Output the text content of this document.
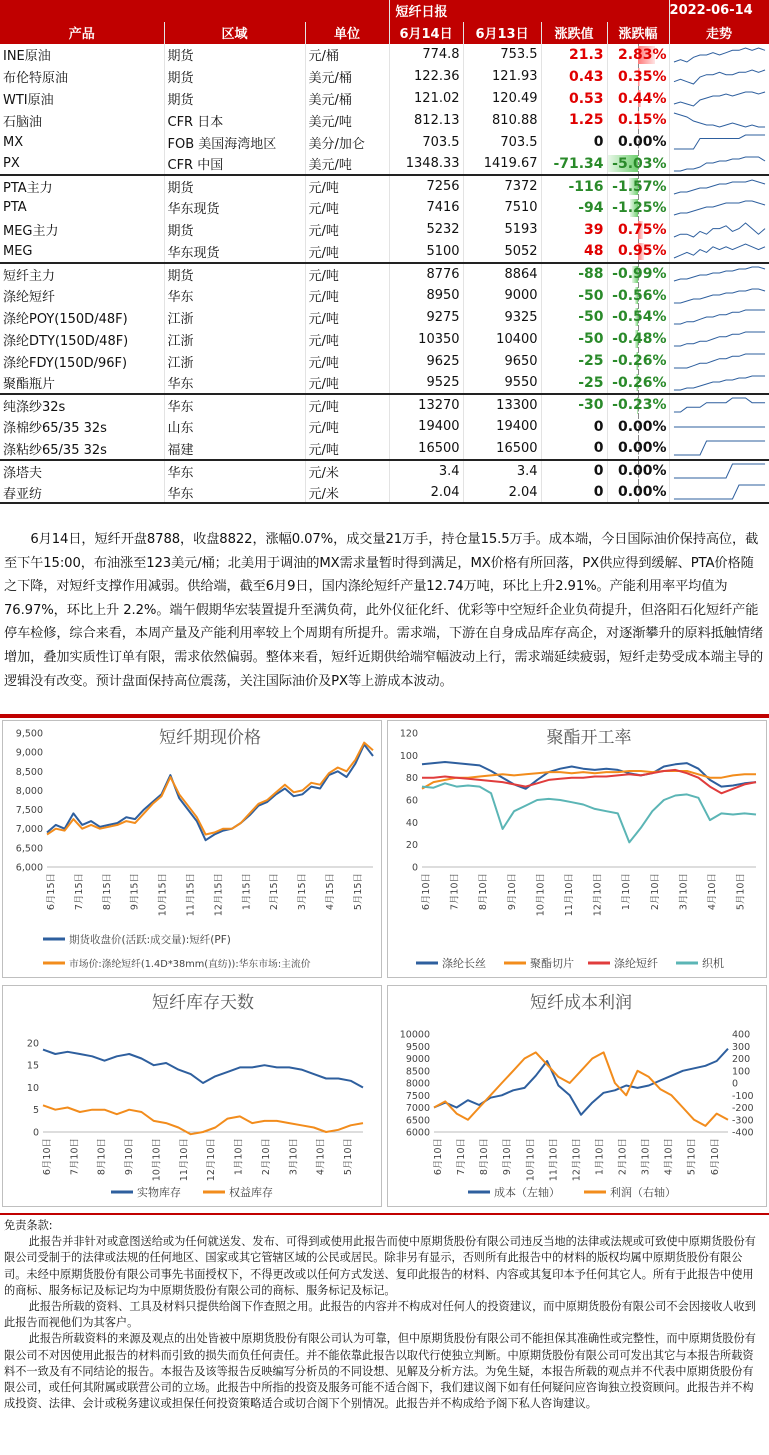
			短纤日报				2022-06-14
产品	区域	单位	6月14日	6月13日	涨跌值	涨跌幅	走势
INE原油	期货	元/桶	774.8	753.5	21.3	2.83%	

布伦特原油	期货	美元/桶	122.36	121.93	0.43	0.35%	

WTI原油	期货	美元/桶	121.02	120.49	0.53	0.44%	

石脑油	CFR 日本	美元/吨	812.13	810.88	1.25	0.15%	

MX	FOB 美国海湾地区	美分/加仑	703.5	703.5	0	0.00%	

PX	CFR 中国	美元/吨	1348.33	1419.67	-71.34	-5.03%	

PTA主力	期货	元/吨	7256	7372	-116	-1.57%	

PTA	华东现货	元/吨	7416	7510	-94	-1.25%	

MEG主力	期货	元/吨	5232	5193	39	0.75%	

MEG	华东现货	元/吨	5100	5052	48	0.95%	

短纤主力	期货	元/吨	8776	8864	-88	-0.99%	

涤纶短纤	华东	元/吨	8950	9000	-50	-0.56%	

涤纶POY(150D/48F)	江浙	元/吨	9275	9325	-50	-0.54%	

涤纶DTY(150D/48F)	江浙	元/吨	10350	10400	-50	-0.48%	

涤纶FDY(150D/96F)	江浙	元/吨	9625	9650	-25	-0.26%	

聚酯瓶片	华东	元/吨	9525	9550	-25	-0.26%	

纯涤纱32s	华东	元/吨	13270	13300	-30	-0.23%	

涤棉纱65/35 32s	山东	元/吨	19400	19400	0	0.00%	

涤粘纱65/35 32s	福建	元/吨	16500	16500	0	0.00%	

涤塔夫	华东	元/米	3.4	3.4	0	0.00%	

春亚纺	华东	元/米	2.04	2.04	0	0.00%	
6月14日，短纤开盘8788，收盘8822，涨幅0.07%，成交量21万手，持仓量15.5万手。成本端，今日国际油价保持高位，截至下午15:00，布油涨至123美元/桶；北美用于调油的MX需求量暂时得到满足，MX价格有所回落，PX供应得到缓解、PTA价格随之下降，对短纤支撑作用减弱。供给端，截至6月9日，国内涤纶短纤产量12.74万吨，环比上升2.91%。产能利用率平均值为76.97%，环比上升 2.2%。端午假期华宏装置提升至满负荷，此外仪征化纤、优彩等中空短纤企业负荷提升，但洛阳石化短纤产能停车检修，综合来看，本周产量及产能利用率较上个周期有所提升。需求端，下游在自身成品库存高企，对逐渐攀升的原料抵触情绪增加，叠加实质性订单有限，需求依然偏弱。整体来看，短纤近期供给端窄幅波动上行，需求端延续疲弱，短纤走势受成本端主导的逻辑没有改变。预计盘面保持高位震荡，关注国际油价及PX等上游成本波动。
短纤期现价格
6,000
6,500
7,000
7,500
8,000
8,500
9,000
9,500
6月15日 7月15日 8月15日 9月15日 10月15日 11月15日 12月15日 1月15日 2月15日 3月15日 4月15日 5月15日
期货收盘价(活跃:成交量):短纤(PF)
市场价:涤纶短纤(1.4D*38mm(直纺)):华东市场:主流价
聚酯开工率
0
20
40
60
80
100
120
6月10日 7月10日 8月10日 9月10日 10月10日 11月10日 12月10日 1月10日 2月10日 3月10日 4月10日 5月10日
涤纶长丝	聚酯切片	涤纶短纤	织机
短纤库存天数
0
5
10
15
20
6月10日 7月10日 8月10日 9月10日 10月10日 11月10日 12月10日 1月10日 2月10日 3月10日 4月10日 5月10日
实物库存	权益库存
短纤成本利润
6000
6500
7000
7500
8000
8500
9000
9500
10000
-400
-300
-200
-100
0
100
200
300
400
6月10日 7月10日 8月10日 9月10日 10月10日 11月10日 12月10日 1月10日 2月10日 3月10日 4月10日 5月10日 6月10日
成本（左轴）	利润（右轴）
免责条款:

此报告并非针对或意图送给或为任何就送发、发布、可得到或使用此报告而使中原期货股份有限公司违反当地的法律或法规或可致使中原期货股份有限公司受制于的法律或法规的任何地区、国家或其它管辖区域的公民或居民。除非另有显示，否则所有此报告中的材料的版权均属中原期货股份有限公司。未经中原期货股份有限公司事先书面授权下，不得更改或以任何方式发送、复印此报告的材料、内容或其复印本予任何其它人。所有于此报告中使用的商标、服务标记及标记均为中原期货股份有限公司的商标、服务标记及标记。

此报告所载的资料、工具及材料只提供给阁下作查照之用。此报告的内容并不构成对任何人的投资建议，而中原期货股份有限公司不会因接收人收到此报告而视他们为其客户。

此报告所载资料的来源及观点的出处皆被中原期货股份有限公司认为可靠，但中原期货股份有限公司不能担保其准确性或完整性，而中原期货股份有限公司不对因使用此报告的材料而引致的损失而负任何责任。并不能依靠此报告以取代行使独立判断。中原期货股份有限公司可发出其它与本报告所载资料不一致及有不同结论的报告。本报告及该等报告反映编写分析员的不同设想、见解及分析方法。为免生疑，本报告所载的观点并不代表中原期货股份有限公司，或任何其附属或联营公司的立场。此报告中所指的投资及服务可能不适合阁下，我们建议阁下如有任何疑问应咨询独立投资顾问。此报告并不构成投资、法律、会计或税务建议或担保任何投资策略适合或切合阁下个别情况。此报告并不构成给予阁下私人咨询建议。
